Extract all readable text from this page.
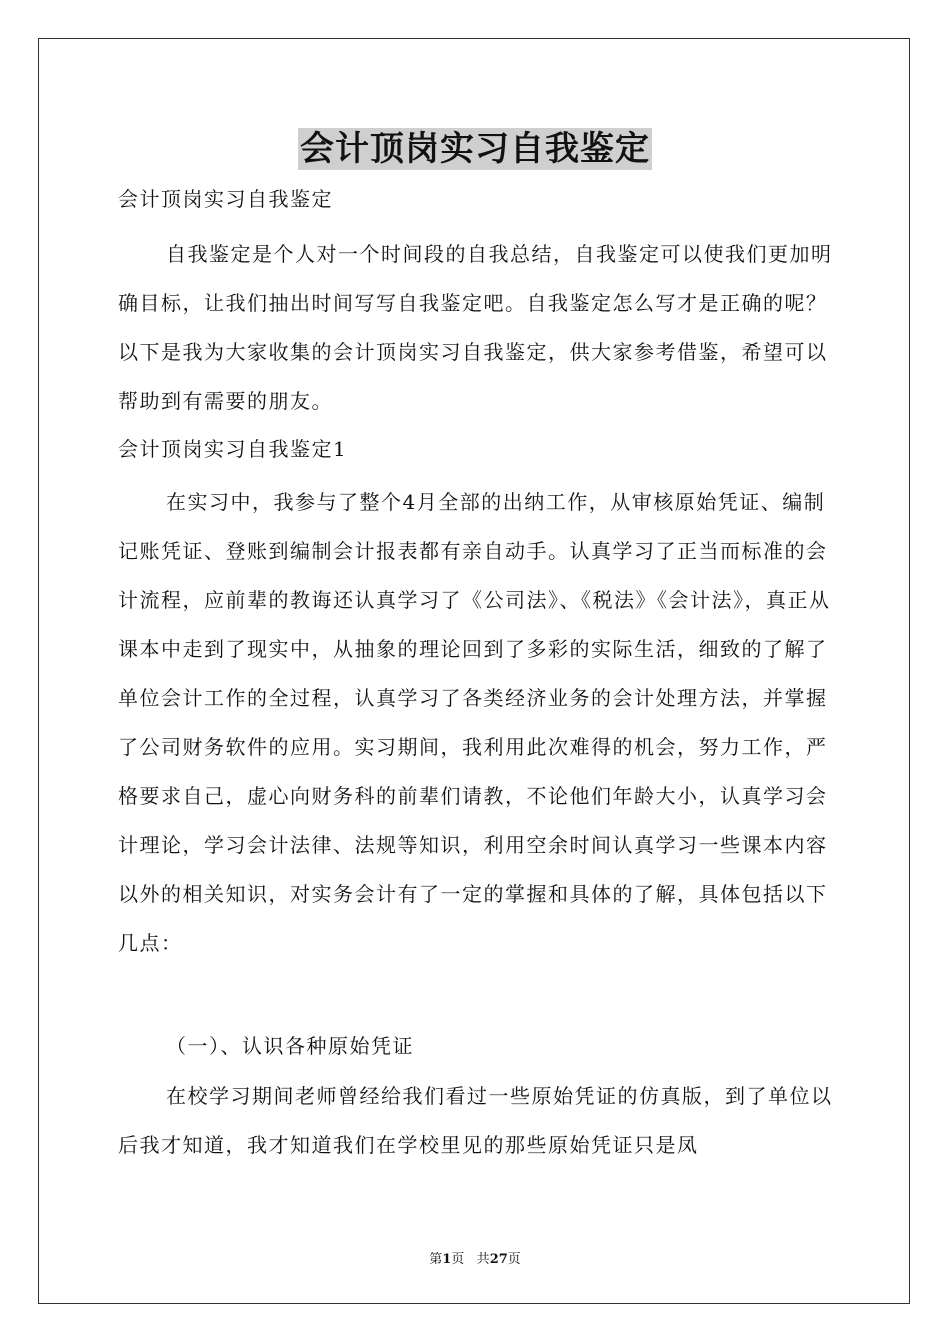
会计顶岗实习自我鉴定
会计顶岗实习自我鉴定
自我鉴定是个人对一个时间段的自我总结，自我鉴定可以使我们更加明确目标，让我们抽出时间写写自我鉴定吧。自我鉴定怎么写才是正确的呢？以下是我为大家收集的会计顶岗实习自我鉴定，供大家参考借鉴，希望可以帮助到有需要的朋友。
会计顶岗实习自我鉴定1
在实习中，我参与了整个4月全部的出纳工作，从审核原始凭证、编制记账凭证、登账到编制会计报表都有亲自动手。认真学习了正当而标准的会计流程，应前辈的教诲还认真学习了《公司法》、《税法》《会计法》，真正从课本中走到了现实中，从抽象的理论回到了多彩的实际生活，细致的了解了单位会计工作的全过程，认真学习了各类经济业务的会计处理方法，并掌握了公司财务软件的应用。实习期间，我利用此次难得的机会，努力工作，严格要求自己，虚心向财务科的前辈们请教，不论他们年龄大小，认真学习会计理论，学习会计法律、法规等知识，利用空余时间认真学习一些课本内容以外的相关知识，对实务会计有了一定的掌握和具体的了解，具体包括以下几点：
（一）、认识各种原始凭证
在校学习期间老师曾经给我们看过一些原始凭证的仿真版，到了单位以后我才知道，我才知道我们在学校里见的那些原始凭证只是凤
第1页 共27页
